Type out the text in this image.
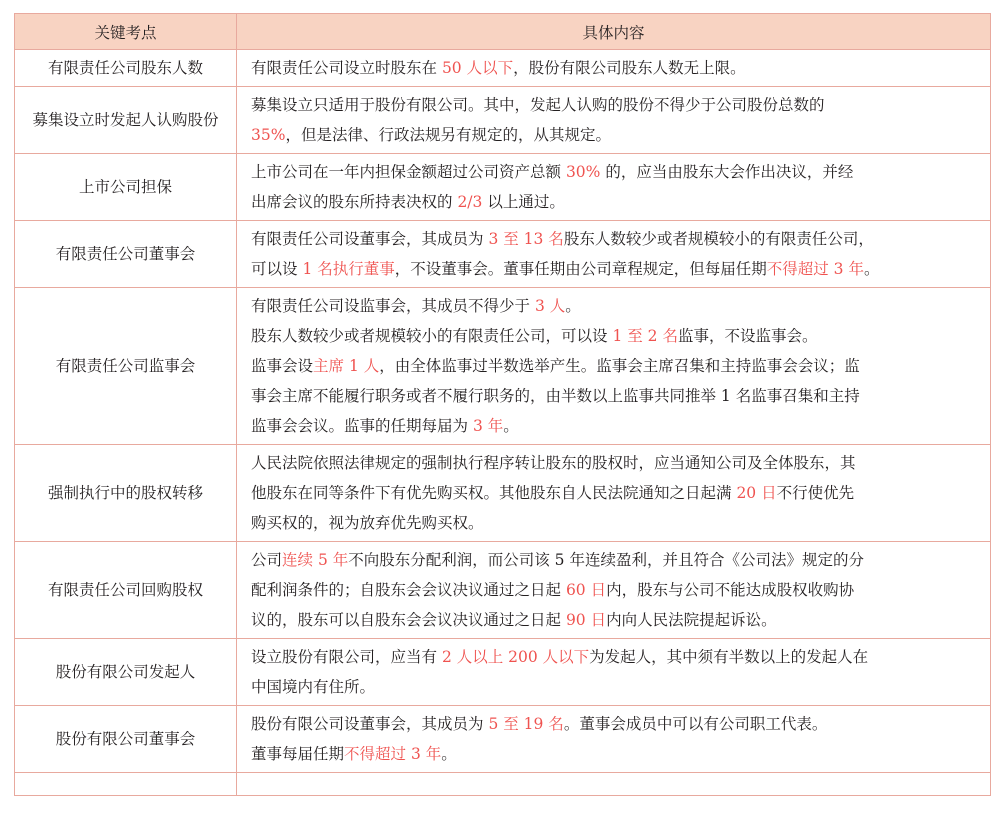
关键考点	具体内容
有限责任公司股东人数	有限责任公司设立时股东在 50 人以下，股份有限公司股东人数无上限。

募集设立时发起人认购股份	募集设立只适用于股份有限公司。其中，发起人认购的股份不得少于公司股份总数的
35%，但是法律、行政法规另有规定的，从其规定。

上市公司担保	上市公司在一年内担保金额超过公司资产总额 30% 的，应当由股东大会作出决议，并经
出席会议的股东所持表决权的 2/3 以上通过。

有限责任公司董事会	有限责任公司设董事会，其成员为 3 至 13 名股东人数较少或者规模较小的有限责任公司，
可以设 1 名执行董事，不设董事会。董事任期由公司章程规定，但每届任期不得超过 3 年。

有限责任公司监事会	有限责任公司设监事会，其成员不得少于 3 人。
股东人数较少或者规模较小的有限责任公司，可以设 1 至 2 名监事，不设监事会。
监事会设主席 1 人，由全体监事过半数选举产生。监事会主席召集和主持监事会会议；监
事会主席不能履行职务或者不履行职务的，由半数以上监事共同推举 1 名监事召集和主持
监事会会议。监事的任期每届为 3 年。

强制执行中的股权转移	人民法院依照法律规定的强制执行程序转让股东的股权时，应当通知公司及全体股东，其
他股东在同等条件下有优先购买权。其他股东自人民法院通知之日起满 20 日不行使优先
购买权的，视为放弃优先购买权。

有限责任公司回购股权	公司连续 5 年不向股东分配利润，而公司该 5 年连续盈利，并且符合《公司法》规定的分
配利润条件的；自股东会会议决议通过之日起 60 日内，股东与公司不能达成股权收购协
议的，股东可以自股东会会议决议通过之日起 90 日内向人民法院提起诉讼。

股份有限公司发起人	设立股份有限公司，应当有 2 人以上 200 人以下为发起人，其中须有半数以上的发起人在
中国境内有住所。

股份有限公司董事会	股份有限公司设董事会，其成员为 5 至 19 名。董事会成员中可以有公司职工代表。
董事每届任期不得超过 3 年。
